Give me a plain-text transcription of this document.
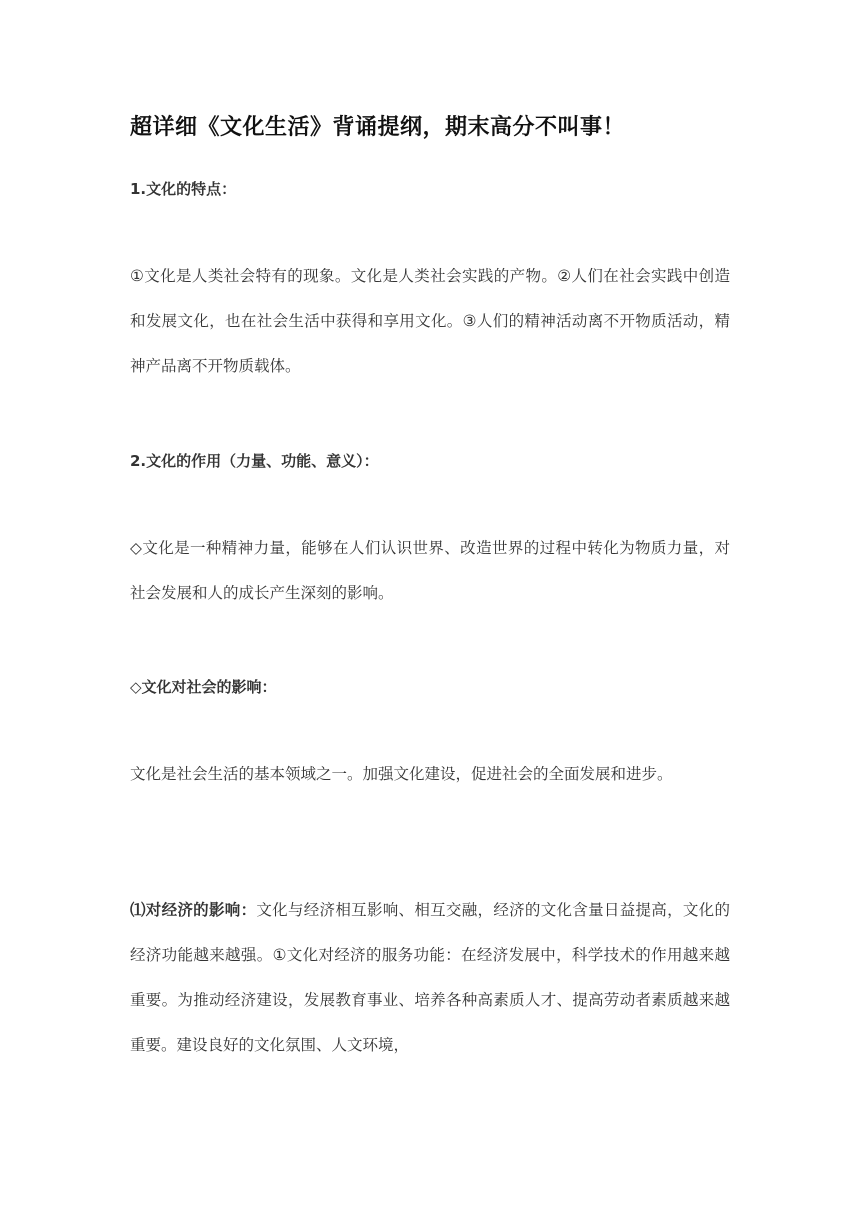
超详细《文化生活》背诵提纲，期末高分不叫事！
1.文化的特点：
①文化是人类社会特有的现象。文化是人类社会实践的产物。②人们在社会实践中创造和发展文化，也在社会生活中获得和享用文化。③人们的精神活动离不开物质活动，精神产品离不开物质载体。
2.文化的作用（力量、功能、意义）：
◇文化是一种精神力量，能够在人们认识世界、改造世界的过程中转化为物质力量，对社会发展和人的成长产生深刻的影响。
◇文化对社会的影响：
文化是社会生活的基本领域之一。加强文化建设，促进社会的全面发展和进步。
⑴对经济的影响：文化与经济相互影响、相互交融，经济的文化含量日益提高，文化的经济功能越来越强。①文化对经济的服务功能：在经济发展中，科学技术的作用越来越重要。为推动经济建设，发展教育事业、培养各种高素质人才、提高劳动者素质越来越重要。建设良好的文化氛围、人文环境，
